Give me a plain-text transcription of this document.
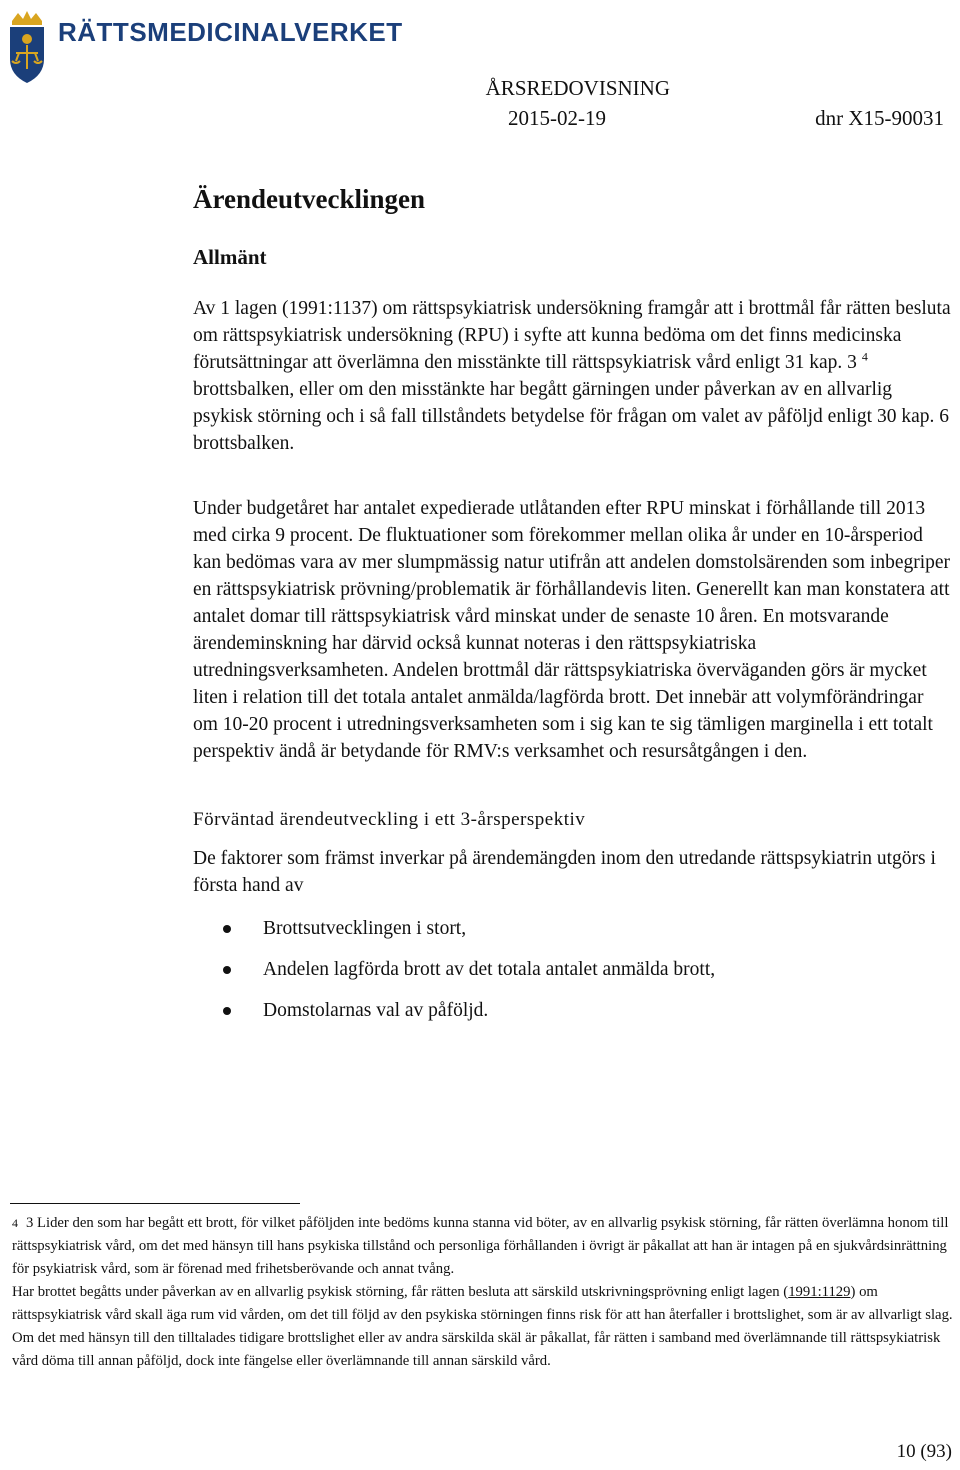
RÄTTSMEDICINALVERKET
ÅRSREDOVISNING
2015-02-19	dnr X15-90031
Ärendeutvecklingen
Allmänt

Av 1 lagen (1991:1137) om rättspsykiatrisk undersökning framgår att i brottmål får rätten besluta om rättspsykiatrisk undersökning (RPU) i syfte att kunna bedöma om det finns medicinska förutsättningar att överlämna den misstänkte till rättspsykiatrisk vård enligt 31 kap. 3 $^4$ brottsbalken, eller om den misstänkte har begått gärningen under påverkan av en allvarlig psykisk störning och i så fall tillståndets betydelse för frågan om valet av påföljd enligt 30 kap. 6 brottsbalken.

Under budgetåret har antalet expedierade utlåtanden efter RPU minskat i förhållande till 2013 med cirka 9 procent. De fluktuationer som förekommer mellan olika år under en 10-årsperiod kan bedömas vara av mer slumpmässig natur utifrån att andelen domstolsärenden som inbegriper en rättspsykiatrisk prövning/problematik är förhållandevis liten. Generellt kan man konstatera att antalet domar till rättspsykiatrisk vård minskat under de senaste 10 åren. En motsvarande ärendeminskning har därvid också kunnat noteras i den rättspsykiatriska utredningsverksamheten. Andelen brottmål där rättspsykiatriska överväganden görs är mycket liten i relation till det totala antalet anmälda/lagförda brott. Det innebär att volymförändringar om 10-20 procent i utredningsverksamheten som i sig kan te sig tämligen marginella i ett totalt perspektiv ändå är betydande för RMV:s verksamhet och resursåtgången i den.

Förväntad ärendeutveckling i ett 3-årsperspektiv

De faktorer som främst inverkar på ärendemängden inom den utredande rättspsykiatrin utgörs i första hand av

Brottsutvecklingen i stort,
Andelen lagförda brott av det totala antalet anmälda brott,
Domstolarnas val av påföljd.

4 3 Lider den som har begått ett brott, för vilket påföljden inte bedöms kunna stanna vid böter, av en allvarlig psykisk störning, får rätten överlämna honom till rättspsykiatrisk vård, om det med hänsyn till hans psykiska tillstånd och personliga förhållanden i övrigt är påkallat att han är intagen på en sjukvårdsinrättning för psykiatrisk vård, som är förenad med frihetsberövande och annat tvång.

Har brottet begåtts under påverkan av en allvarlig psykisk störning, får rätten besluta att särskild utskrivningsprövning enligt lagen (1991:1129) om rättspsykiatrisk vård skall äga rum vid vården, om det till följd av den psykiska störningen finns risk för att han återfaller i brottslighet, som är av allvarligt slag.

Om det med hänsyn till den tilltalades tidigare brottslighet eller av andra särskilda skäl är påkallat, får rätten i samband med överlämnande till rättspsykiatrisk vård döma till annan påföljd, dock inte fängelse eller överlämnande till annan särskild vård.

10 (93)
